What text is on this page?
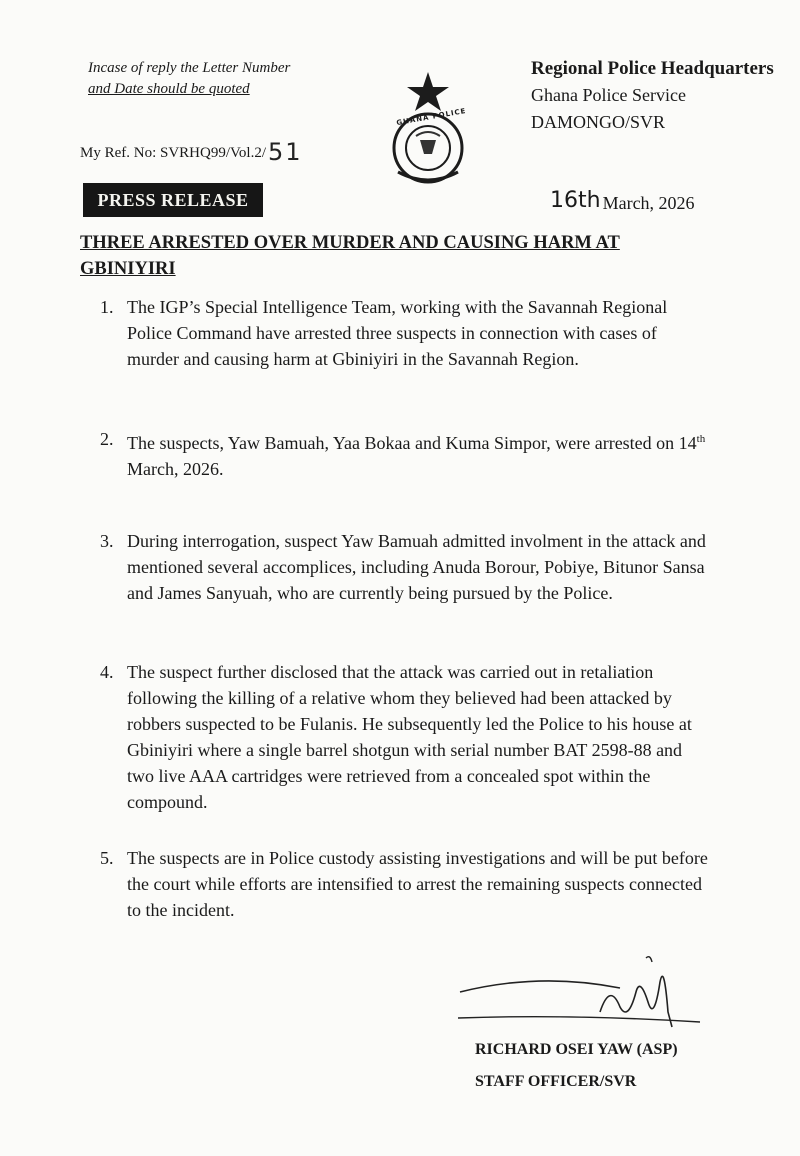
Incase of reply the Letter Number
and Date should be quoted
My Ref. No: SVRHQ99/Vol.2/51
GHANA POLICE
Regional Police Headquarters
Ghana Police Service
DAMONGO/SVR
PRESS RELEASE	16th March, 2026
THREE ARRESTED OVER MURDER AND CAUSING HARM AT
GBINIYIRI
1. The IGP’s Special Intelligence Team, working with the Savannah Regional Police Command have arrested three suspects in connection with cases of murder and causing harm at Gbiniyiri in the Savannah Region.
2. The suspects, Yaw Bamuah, Yaa Bokaa and Kuma Simpor, were arrested on 14th March, 2026.
3. During interrogation, suspect Yaw Bamuah admitted involment in the attack and mentioned several accomplices, including Anuda Borour, Pobiye, Bitunor Sansa and James Sanyuah, who are currently being pursued by the Police.
4. The suspect further disclosed that the attack was carried out in retaliation following the killing of a relative whom they believed had been attacked by robbers suspected to be Fulanis. He subsequently led the Police to his house at Gbiniyiri where a single barrel shotgun with serial number BAT 2598-88 and two live AAA cartridges were retrieved from a concealed spot within the compound.
5. The suspects are in Police custody assisting investigations and will be put before the court while efforts are intensified to arrest the remaining suspects connected to the incident.
RICHARD OSEI YAW (ASP)
STAFF OFFICER/SVR
